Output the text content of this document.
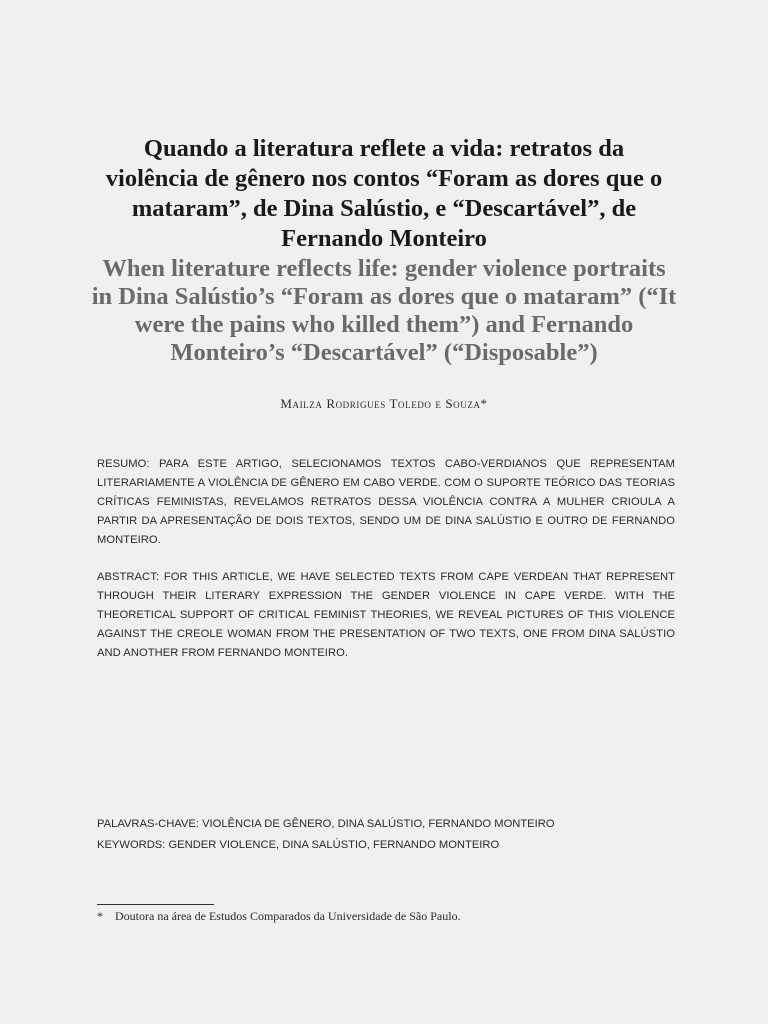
Quando a literatura reflete a vida: retratos da violência de gênero nos contos “Foram as dores que o mataram”, de Dina Salústio, e “Descartável”, de Fernando Monteiro
When literature reflects life: gender violence portraits in Dina Salústio’s “Foram as dores que o mataram” (“It were the pains who killed them”) and Fernando Monteiro’s “Descartável” (“Disposable”)

Mailza Rodrigues Toledo e Souza*

RESUMO: PARA ESTE ARTIGO, SELECIONAMOS TEXTOS CABO-VERDIANOS QUE REPRESENTAM LITERARIAMENTE A VIOLÊNCIA DE GÊNERO EM CABO VERDE. COM O SUPORTE TEÓRICO DAS TEORIAS CRÍTICAS FEMINISTAS, REVELAMOS RETRATOS DESSA VIOLÊNCIA CONTRA A MULHER CRIOULA A PARTIR DA APRESENTAÇÃO DE DOIS TEXTOS, SENDO UM DE DINA SALÚSTIO E OUTRO DE FERNANDO MONTEIRO.

ABSTRACT: FOR THIS ARTICLE, WE HAVE SELECTED TEXTS FROM CAPE VERDEAN THAT REPRESENT THROUGH THEIR LITERARY EXPRESSION THE GENDER VIOLENCE IN CAPE VERDE. WITH THE THEORETICAL SUPPORT OF CRITICAL FEMINIST THEORIES, WE REVEAL PICTURES OF THIS VIOLENCE AGAINST THE CREOLE WOMAN FROM THE PRESENTATION OF TWO TEXTS, ONE FROM DINA SALÚSTIO AND ANOTHER FROM FERNANDO MONTEIRO.

PALAVRAS-CHAVE: VIOLÊNCIA DE GÊNERO, DINA SALÚSTIO, FERNANDO MONTEIRO

KEYWORDS: GENDER VIOLENCE, DINA SALÚSTIO, FERNANDO MONTEIRO

* Doutora na área de Estudos Comparados da Universidade de São Paulo.
